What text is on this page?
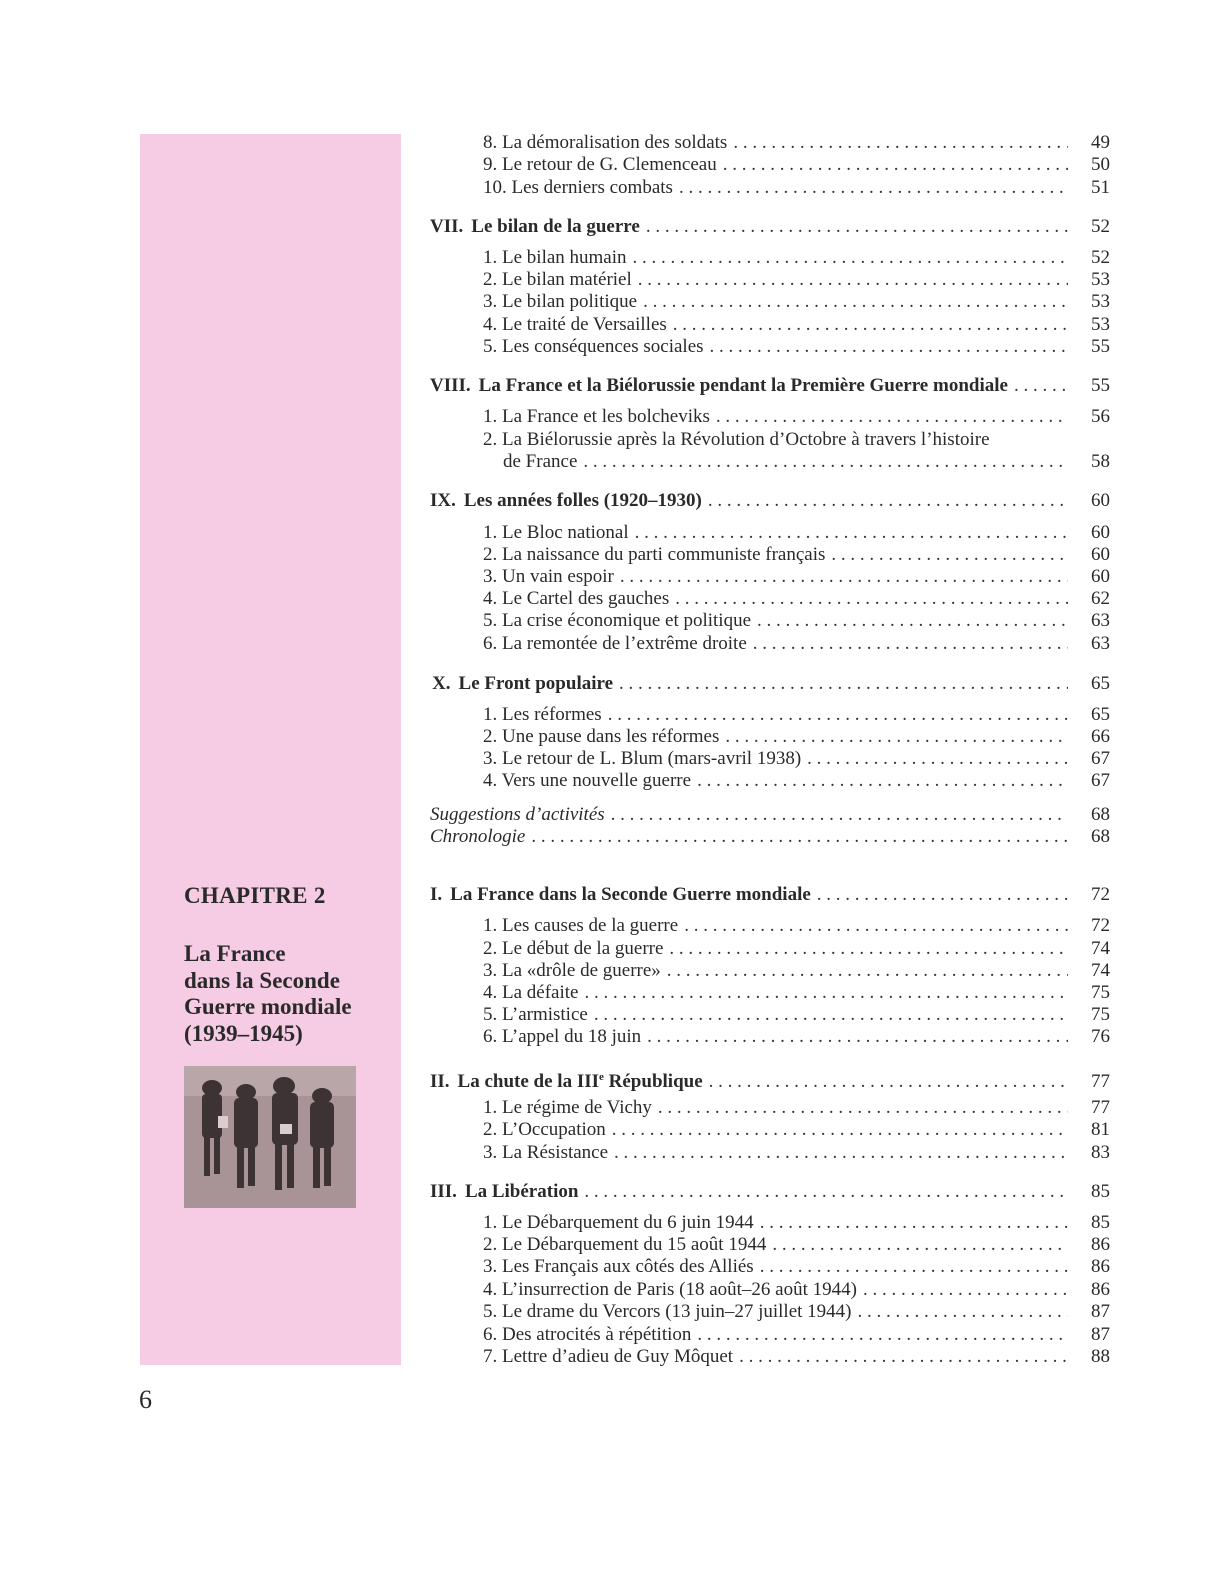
CHAPITRE 2
La France
dans la Seconde
Guerre mondiale
(1939–1945)
6
8. La démoralisation des soldats . . .	49
9. Le retour de G. Clemenceau . . .	50
10. Les derniers combats . . .	51
VII. Le bilan de la guerre . . .	52
1. Le bilan humain . . .	52
2. Le bilan matériel . . .	53
3. Le bilan politique . . .	53
4. Le traité de Versailles . . .	53
5. Les conséquences sociales . . .	55
VIII. La France et la Biélorussie pendant la Première Guerre mondiale . . .	55
1. La France et les bolcheviks . . .	56
2. La Biélorussie après la Révolution d’Octobre à travers l’histoire
de France . . .	58
IX. Les années folles (1920–1930) . . .	60
1. Le Bloc national . . .	60
2. La naissance du parti communiste français . . .	60
3. Un vain espoir . . .	60
4. Le Cartel des gauches . . .	62
5. La crise économique et politique . . .	63
6. La remontée de l’extrême droite . . .	63
X. Le Front populaire . . .	65
1. Les réformes . . .	65
2. Une pause dans les réformes . . .	66
3. Le retour de L. Blum (mars-avril 1938) . . .	67
4. Vers une nouvelle guerre . . .	67
Suggestions d’activités . . .	68
Chronologie . . .	68
I. La France dans la Seconde Guerre mondiale . . .	72
1. Les causes de la guerre . . .	72
2. Le début de la guerre . . .	74
3. La «drôle de guerre» . . .	74
4. La défaite . . .	75
5. L’armistice . . .	75
6. L’appel du 18 juin . . .	76
II. La chute de la IIIe République . . .	77
1. Le régime de Vichy . . .	77
2. L’Occupation . . .	81
3. La Résistance . . .	83
III. La Libération . . .	85
1. Le Débarquement du 6 juin 1944 . . .	85
2. Le Débarquement du 15 août 1944 . . .	86
3. Les Français aux côtés des Alliés . . .	86
4. L’insurrection de Paris (18 août–26 août 1944) . . .	86
5. Le drame du Vercors (13 juin–27 juillet 1944) . . .	87
6. Des atrocités à répétition . . .	87
7. Lettre d’adieu de Guy Môquet . . .	88
